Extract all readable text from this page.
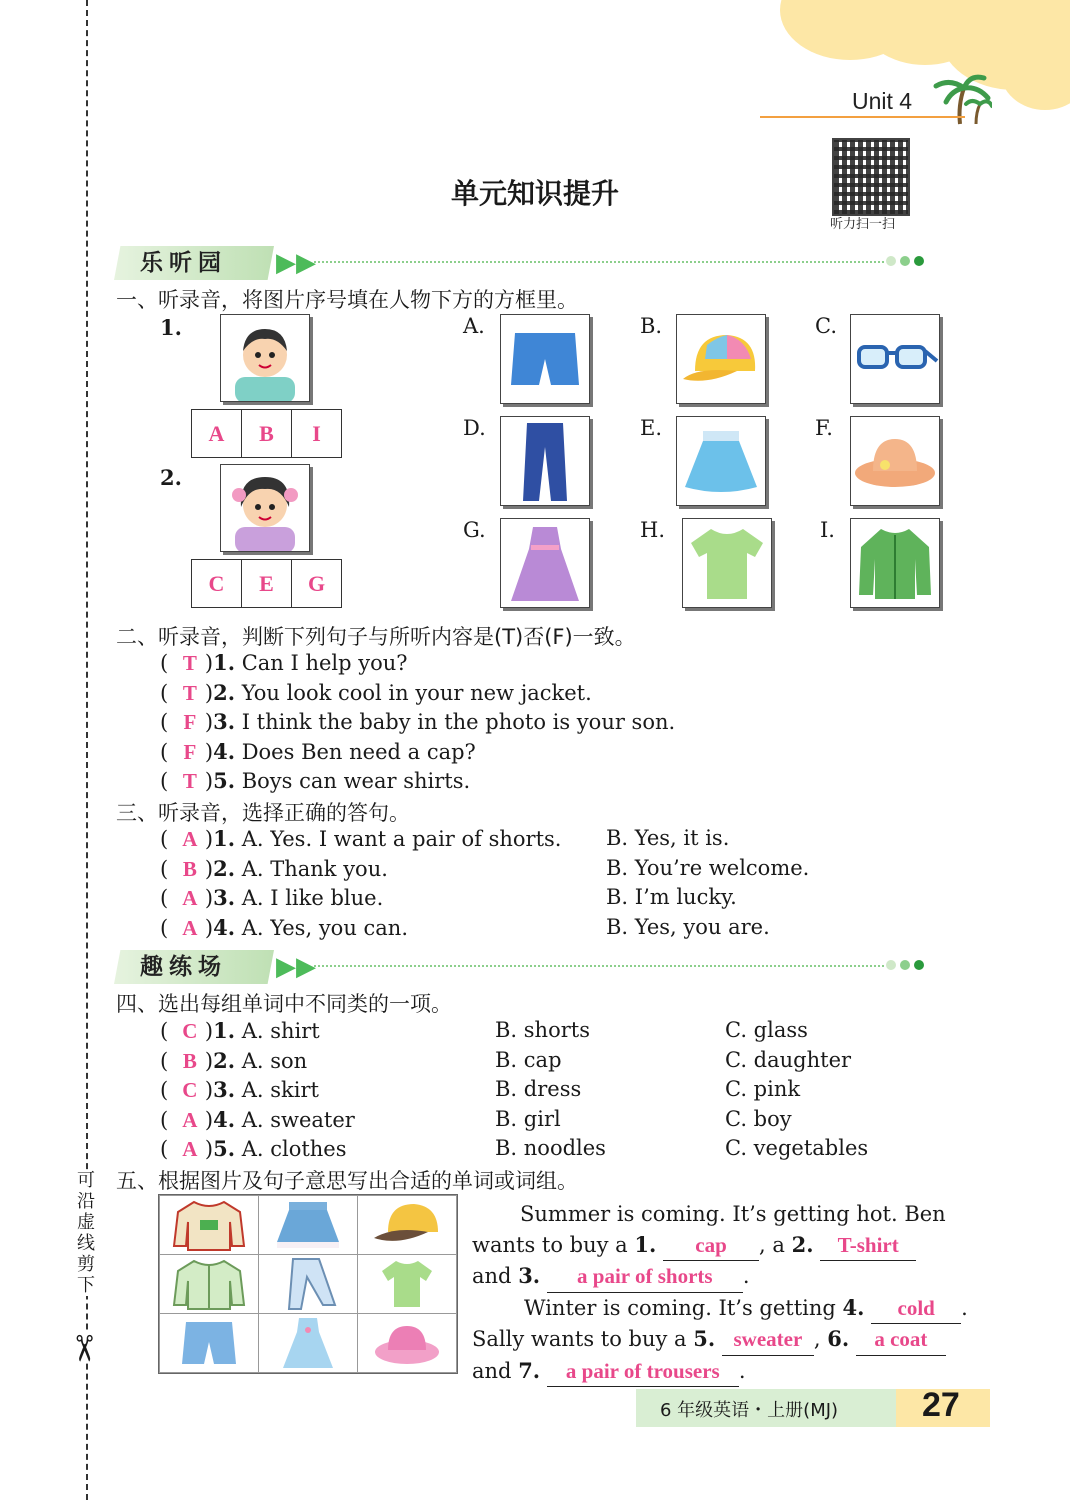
可沿虚线剪下
✂
Unit 4
听力扫一扫
单元知识提升
乐听园 ▶▶
一、听录音，将图片序号填在人物下方的方框里。
1.
A	B	I
2.
C	E	G
A.	B.	C.
D.	E.	F.
G.	H.	I.
二、听录音，判断下列句子与所听内容是(T)否(F)一致。
( T )1. Can I help you?
( T )2. You look cool in your new jacket.
( F )3. I think the baby in the photo is your son.
( F )4. Does Ben need a cap?
( T )5. Boys can wear shirts.
三、听录音，选择正确的答句。
( A )1. A. Yes. I want a pair of shorts. B. Yes, it is.
( B )2. A. Thank you.	B. You’re welcome.
( A )3. A. I like blue.	B. I’m lucky.
( A )4. A. Yes, you can.	B. Yes, you are.
趣练场 ▶▶
四、选出每组单词中不同类的一项。
( C )1. A. shirt	B. shorts	C. glass
( B )2. A. son	B. cap	C. daughter
( C )3. A. skirt	B. dress	C. pink
( A )4. A. sweater	B. girl	C. boy
( A )5. A. clothes	B. noodles	C. vegetables
五、根据图片及句子意思写出合适的单词或词组。
Summer is coming. It’s getting hot. Ben
wants to buy a 1. cap , a 2. T-shirt
and 3. a pair of shorts .
Winter is coming. It’s getting 4. cold .
Sally wants to buy a 5. sweater , 6. a coat
and 7. a pair of trousers .
6 年级英语・上册(MJ) 27
